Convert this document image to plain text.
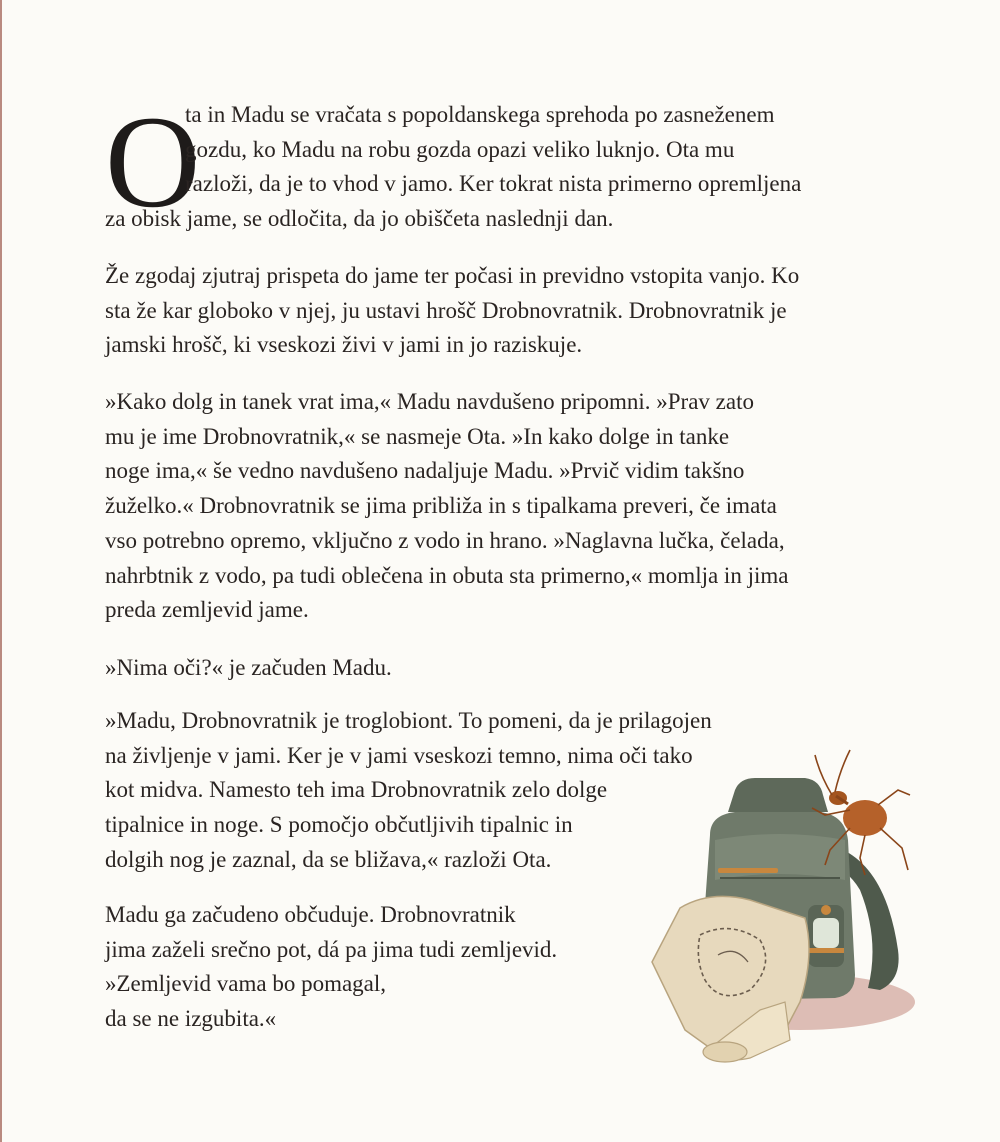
O
ta in Madu se vračata s popoldanskega sprehoda po zasneženem
gozdu, ko Madu na robu gozda opazi veliko luknjo. Ota mu
razloži, da je to vhod v jamo. Ker tokrat nista primerno opremljena
za obisk jame, se odločita, da jo obiščeta naslednji dan.
Že zgodaj zjutraj prispeta do jame ter počasi in previdno vstopita vanjo. Ko
sta že kar globoko v njej, ju ustavi hrošč Drobnovratnik. Drobnovratnik je
jamski hrošč, ki vseskozi živi v jami in jo raziskuje.
»Kako dolg in tanek vrat ima,« Madu navdušeno pripomni. »Prav zato
mu je ime Drobnovratnik,« se nasmeje Ota. »In kako dolge in tanke
noge ima,« še vedno navdušeno nadaljuje Madu. »Prvič vidim takšno
žuželko.« Drobnovratnik se jima približa in s tipalkama preveri, če imata
vso potrebno opremo, vključno z vodo in hrano. »Naglavna lučka, čelada,
nahrbtnik z vodo, pa tudi oblečena in obuta sta primerno,« momlja in jima
preda zemljevid jame.
»Nima oči?« je začuden Madu.
»Madu, Drobnovratnik je troglobiont. To pomeni, da je prilagojen
na življenje v jami. Ker je v jami vseskozi temno, nima oči tako
kot midva. Namesto teh ima Drobnovratnik zelo dolge
tipalnice in noge. S pomočjo občutljivih tipalnic in
dolgih nog je zaznal, da se bližava,« razloži Ota.
Madu ga začudeno občuduje. Drobnovratnik
jima zaželi srečno pot, dá pa jima tudi zemljevid.
»Zemljevid vama bo pomagal,
da se ne izgubita.«
